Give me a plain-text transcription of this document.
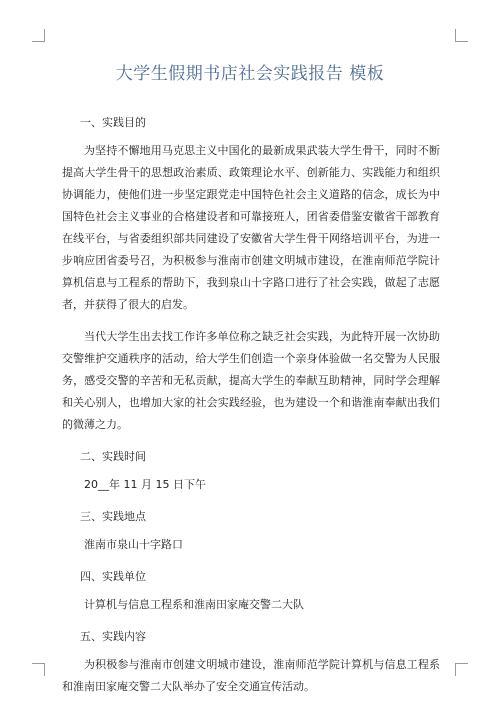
大学生假期书店社会实践报告 模板

一、实践目的

为坚持不懈地用马克思主义中国化的最新成果武装大学生骨干，同时不断提高大学生骨干的思想政治素质、政策理论水平、创新能力、实践能力和组织协调能力，使他们进一步坚定跟党走中国特色社会主义道路的信念，成长为中国特色社会主义事业的合格建设者和可靠接班人，团省委借鉴安徽省干部教育在线平台，与省委组织部共同建设了安徽省大学生骨干网络培训平台，为进一步响应团省委号召，为积极参与淮南市创建文明城市建设，在淮南师范学院计算机信息与工程系的帮助下，我到泉山十字路口进行了社会实践，做起了志愿者，并获得了很大的启发。

当代大学生出去找工作许多单位称之缺乏社会实践，为此特开展一次协助交警维护交通秩序的活动，给大学生们创造一个亲身体验做一名交警为人民服务，感受交警的辛苦和无私贡献，提高大学生的奉献互助精神，同时学会理解和关心别人，也增加大家的社会实践经验，也为建设一个和谐淮南奉献出我们的微薄之力。

二、实践时间

20__年 11 月 15 日下午

三、实践地点

淮南市泉山十字路口

四、实践单位

计算机与信息工程系和淮南田家庵交警二大队

五、实践内容

为积极参与淮南市创建文明城市建设，淮南师范学院计算机与信息工程系和淮南田家庵交警二大队举办了安全交通宣传活动。
